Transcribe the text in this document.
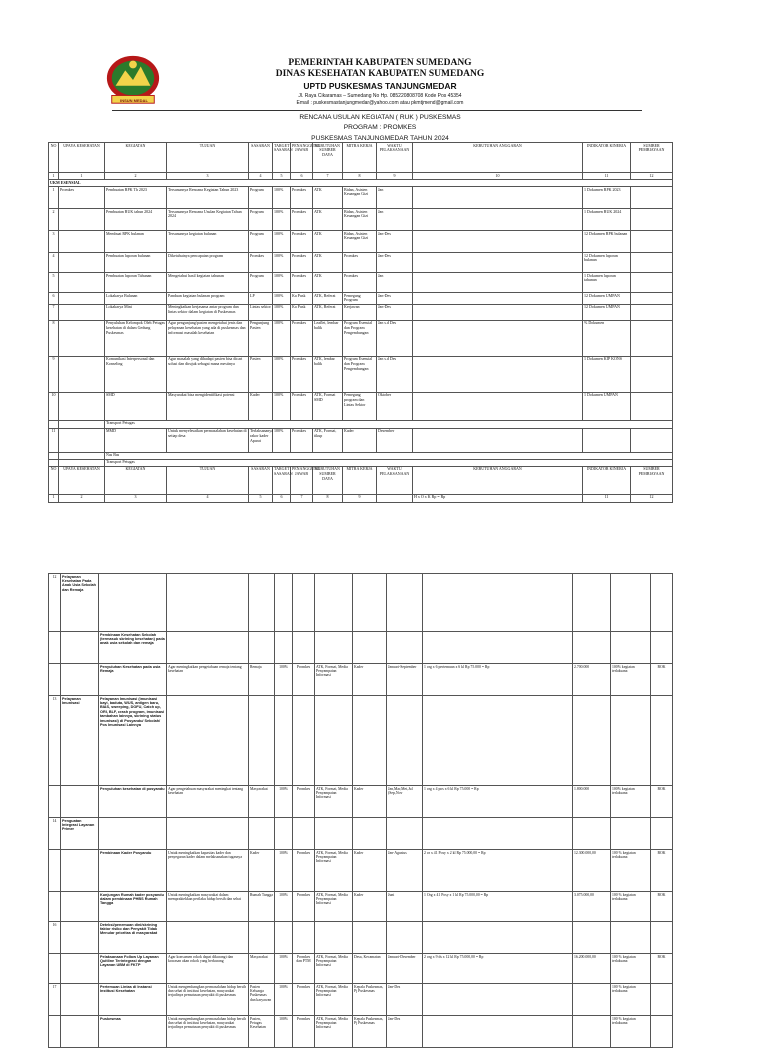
INSUN MEDAL
PEMERINTAH KABUPATEN SUMEDANG
DINAS KESEHATAN KABUPATEN SUMEDANG
UPTD PUSKESMAS TANJUNGMEDAR
Jl. Raya Cikaramas – Sumedang No Hp. 085220808708 Kode Pos 45354
Email : puskesmastanjungmedar@yahoo.com atau pkmtjmend@gmail.com
RENCANA USULAN KEGIATAN ( RUK ) PUSKESMAS
PROGRAM : PROMKES
PUSKESMAS TANJUNGMEDAR TAHUN 2024
NO	UPAYA KESEHATAN	KEGIATAN	TUJUAN	SASARAN	TARGET SASARAN	PENANGGUNG JAWAB	KEBUTUHAN SUMBER DAYA	MITRA KERJA	WAKTU PELAKSANAAN	KEBUTUHAN ANGGARAN	INDIKATOR KINERJA	SUMBER PEMBIAYAAN
1	1	2	3	4	5	6	7	8	9	10	11	12
UKM ESENSIAL												
1	Promkes	Pembuatan RPK Th 2023	Tersusunnya Rencana Kegiatan Tahun 2023	Program	100%	Promkes	ATK	Bidan, Asisten Keuangan Gizi	Jan		1 Dokumen RPK 2023	
2		Pembuatan RUK tahun 2024	Tersusunnya Rencana Usulan Kegiatan Tahun 2024	Program	100%	Promkes	ATK	Bidan, Asisten Keuangan Gizi	Jan		1 Dokumen RUK 2024	
3		Membuat RPK bulanan	Tersusunnya kegiatan bulanan	Program	100%	Promkes	ATK	Bidan, Asisten Keuangan Gizi	Jan-Des		12 Dokumen RPK bulanan	
4		Pembuatan laporan bulanan	Diketahuinya pencapaian program	Promkes	100%	Promkes	ATK	Promkes	Jan-Des		12 Dokumen laporan bulanan	
5		Pembuatan laporan Tahunan	Mengetahui hasil kegiatan tahunan	Program	100%	Promkes	ATK	Promkes	Jan		1 Dokumen laporan tahunan	
6		Lokakarya Bulanan	Panduan kegiatan bulanan program	LP	100%	Ka Pusk	ATK, Referat	Pemegang Program	Jan-Des		12 Dokumen UMPAN	
7		Lokakarya Mini	Meningkatkan kerjasama antar program dan lintas sektor dalam kegiatan di Puskesmas	Lintas sektor	100%	Ka Pusk	ATK, Referat	Kerjawan	Jan-Des		12 Dokumen UMPAN	
8		Penyuluhan Kelompok Oleh Petugas kesehatan di dalam Gedung Puskesmas	Agar pengunjung/pasien mengetahui jenis dan pelayanan kesehatan yang ada di puskesmas dan informasi masalah kesehatan	Pengunjung Pasien	100%	Promkes	Leaflet, lembar balik	Program Esensial dan Program Pengembangan	Jan s.d Des		% Dokumen	
9		Komunikasi Interpersonal dan Konseling	Agar masalah yang dihadapi pasien bisa dicari solusi dan dirujuk sebagai mana mestinya	Pasien	100%	Promkes	ATK, lembar balik	Program Esensial dan Program Pengembangan	Jan s.d Des		1 Dokumen KIP KONS	
10		SMD	Masyarakat bisa mengidentifikasi potensi	Kader	100%	Promkes	ATK, Format SMD	Pemegang program dan Lintas Sektor	Oktober		1 Dokumen UMPAN	
		Transport Petugas										
11		MMD	Untuk menyelesaikan permasalahan kesehatan di setiap desa	Terlaksananya rakor kader Aparat	100%	Promkes	ATK, Format, tikup	Kader	Desember			
		Nas Bas										
		Transport Petugas										
NO	UPAYA KESEHATAN	KEGIATAN	TUJUAN	SASARAN	TARGET SASARAN	PENANGGUNG JAWAB	KEBUTUHAN SUMBER DAYA	MITRA KERJA	WAKTU PELAKSANAAN	KEBUTUHAN ANGGARAN	INDIKATOR KINERJA	SUMBER PEMBIAYAAN
1	2	3	4	5	6	7	8	9		H x O x K Rp = Rp	11	12
12	Pelayanan Kesehatan Pada Anak Usia Sekolah dan Remaja												
		Pembinaan Kesehatan Sekolah (termasuk skrining kesehatan) pada anak usia sekolah dan remaja											
		Penyuluhan Kesehatan pada usia Remaja	Agar meningkatkan pengetahuan remaja tentang kesehatan	Remaja	100%	Promkes	ATK, Format, Media Penyampaian Informasi	Kader	Januari-September	1 org x 6 pertemuan x 6 kl Rp 75.000 = Rp	2.700.000	100% kegiatan terlaksana	BOK
13	Pelayanan Imunisasi	Pelayanan Imunisasi (imunisasi bayi, baduta, WUS, antigen baru, BIAS, sweeping, DOFU, Catch up, ORI, BLF, crash program, imunisasi tambahan lainnya, skrining status imunisasi) di Posyandu/ Sekolah/ Pos Imunisasi Lainnya											
		Penyuluhan kesehatan di posyandu	Agar pengetahuan masyarakat meningkat tentang kesehatan	Masyarakat	100%	Promkes	ATK, Format, Media Penyampaian Informasi	Kader	Jan,Mar,Mei,Jul (Sep,Nov	1 org x 4 pos x 6 kl Rp 75.000 = Rp	1.800.000	100% kegiatan terlaksana	BOK
14	Penguatan Integrasi Layanan Primer												
		Pembinaan Kader Posyandu	Untuk meningkatkan kapasitas kader dan penyegaran kader dalam melaksanakan tugasnya	Kader	100%	Promkes	ATK, Format, Media Penyampaian Informasi	Kader	Jan-Agustus	2 or x 41 Posy x 2 kl Rp 75.000,00 = Rp	12.300.000,00	100 % kegiatan terlaksana	BOK
		Kunjungan Rumah kader posyandu dalam pembinaan PHBS Rumah Tangga	Untuk meningkatkan masyarakat dalam mempraktekkan perilaku hidup bersih dan sehat	Rumah Tangga	100%	Promkes	ATK, Format, Media Penyampaian Informasi	Kader	Juni	1 Org x 41 Posy x 1 kl Rp 75.000,00 = Rp	3.075.000,00	100 % kegiatan terlaksana	BOK
16		Deteksi/penemuan dini/skrining faktor risiko dan Penyakit Tidak Menular prioritas di masyarakat											
		Pelaksanaan Follow Up Layanan Quitline Terintegrasi dengan Layanan UBM di FKTP	Agar konsumen rokok dapat dikurangi dan kawasan akan rokok yang berkurang	Masyarakat	100%	Promkes dan PTM	ATK, Format, Media Penyampaian Informasi	Desa, Kecamatan	Januari-Desember	2 org x 9 ds x 12 kl Rp 75.000,00 = Rp	16.200.000,00	100 % kegiatan terlaksana	BOK
17		Pertemuan Lintas di Instansi Institusi Kesehatan	Untuk mengembangkan permasalahan hidup bersih dan sehat di institusi kesehatan, masyarakat terjadinya pemutusan penyakit di puskesmas	Pasien Keluarga Puskesmas dan karyawan	100%	Promkes	ATK, Format, Media Penyampaian Informasi	Kepala Puskesmas, Pj Puskesmas	Jan-Des			100 % kegiatan terlaksana	
		Puskesmas	Untuk mengembangkan permasalahan hidup bersih dan sehat di institusi kesehatan, masyarakat terjadinya pemutusan penyakit di puskesmas	Pasien, Petugas Kesehatan	100%	Promkes	ATK, Format, Media Penyampaian Informasi	Kepala Puskesmas, Pj Puskesmas	Jan-Des			100 % kegiatan terlaksana	
